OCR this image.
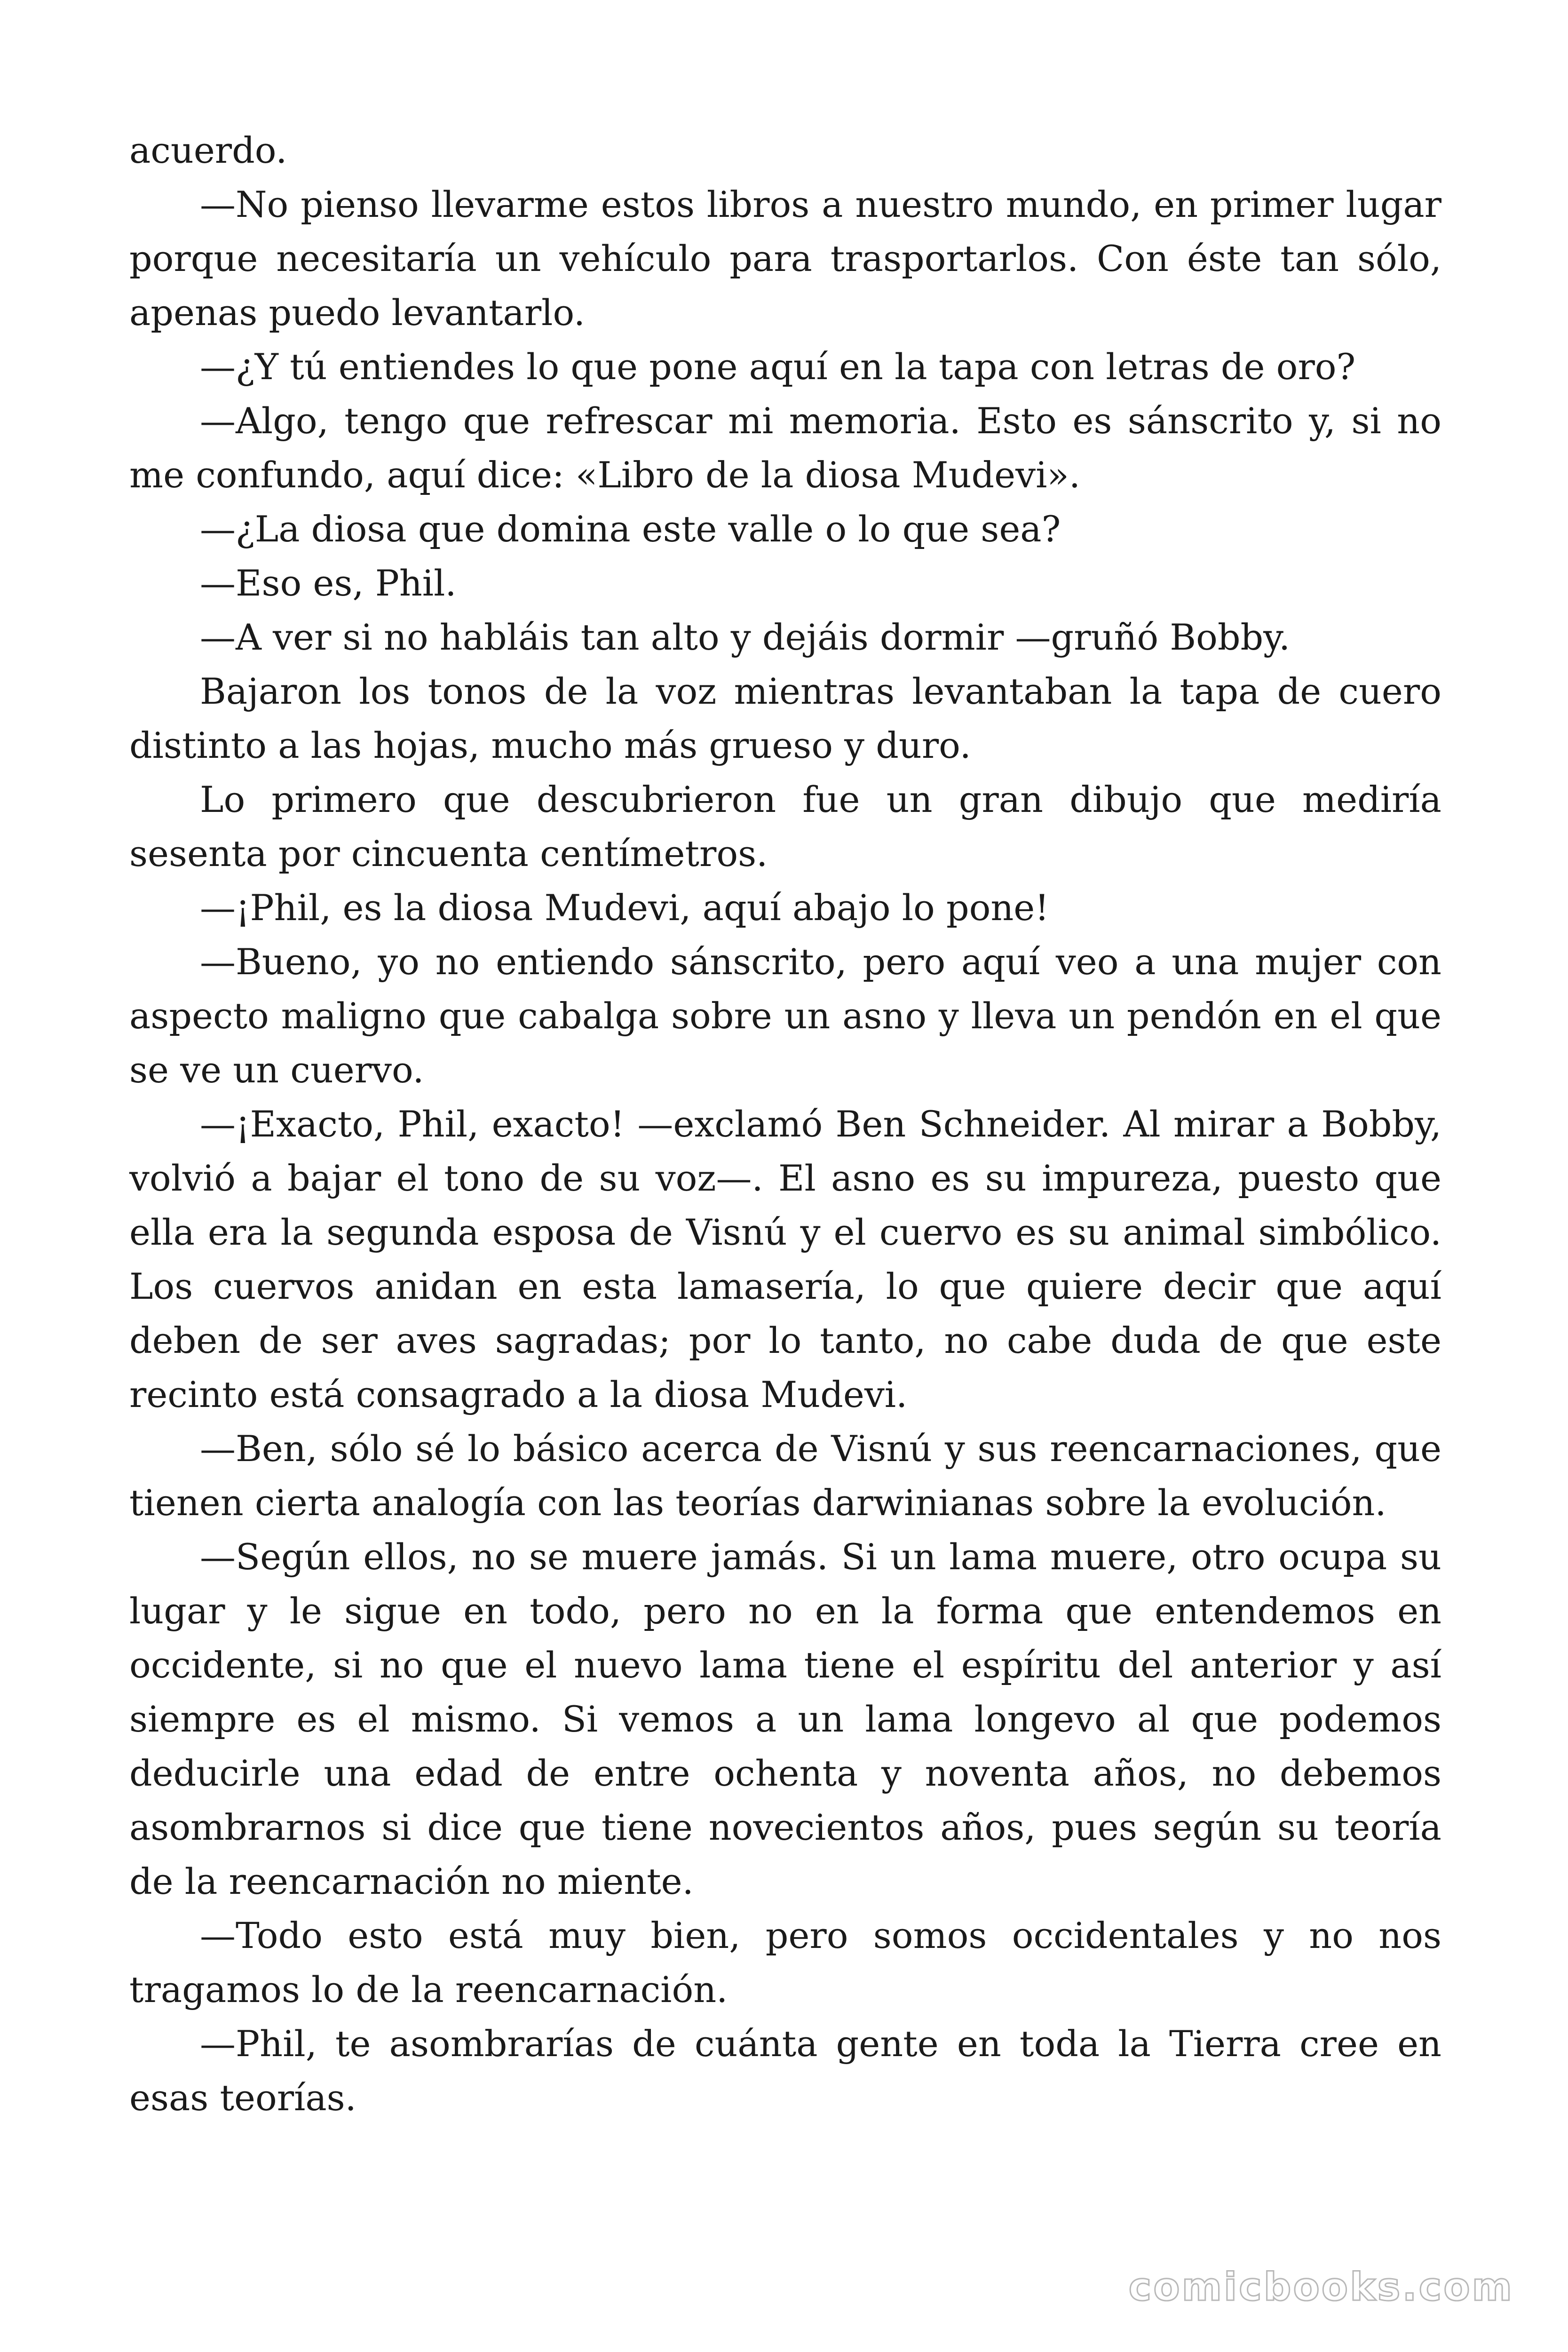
acuerdo.

—No pienso llevarme estos libros a nuestro mundo, en primer lugar porque necesitaría un vehículo para trasportarlos. Con éste tan sólo, apenas puedo levantarlo.

—¿Y tú entiendes lo que pone aquí en la tapa con letras de oro?

—Algo, tengo que refrescar mi memoria. Esto es sánscrito y, si no me confundo, aquí dice: «Libro de la diosa Mudevi».

—¿La diosa que domina este valle o lo que sea?

—Eso es, Phil.

—A ver si no habláis tan alto y dejáis dormir —gruñó Bobby.

Bajaron los tonos de la voz mientras levantaban la tapa de cuero distinto a las hojas, mucho más grueso y duro.

Lo primero que descubrieron fue un gran dibujo que mediría sesenta por cincuenta centímetros.

—¡Phil, es la diosa Mudevi, aquí abajo lo pone!

—Bueno, yo no entiendo sánscrito, pero aquí veo a una mujer con aspecto maligno que cabalga sobre un asno y lleva un pendón en el que se ve un cuervo.

—¡Exacto, Phil, exacto! —exclamó Ben Schneider. Al mirar a Bobby, volvió a bajar el tono de su voz—. El asno es su impureza, puesto que ella era la segunda esposa de Visnú y el cuervo es su animal simbólico. Los cuervos anidan en esta lamasería, lo que quiere decir que aquí deben de ser aves sagradas; por lo tanto, no cabe duda de que este recinto está consagrado a la diosa Mudevi.

—Ben, sólo sé lo básico acerca de Visnú y sus reencarnaciones, que tienen cierta analogía con las teorías darwinianas sobre la evolución.

—Según ellos, no se muere jamás. Si un lama muere, otro ocupa su lugar y le sigue en todo, pero no en la forma que entendemos en occidente, si no que el nuevo lama tiene el espíritu del anterior y así siempre es el mismo. Si vemos a un lama longevo al que podemos deducirle una edad de entre ochenta y noventa años, no debemos asombrarnos si dice que tiene novecientos años, pues según su teoría de la reencarnación no miente.

—Todo esto está muy bien, pero somos occidentales y no nos tragamos lo de la reencarnación.

—Phil, te asombrarías de cuánta gente en toda la Tierra cree en esas teorías.

comicbooks.com
